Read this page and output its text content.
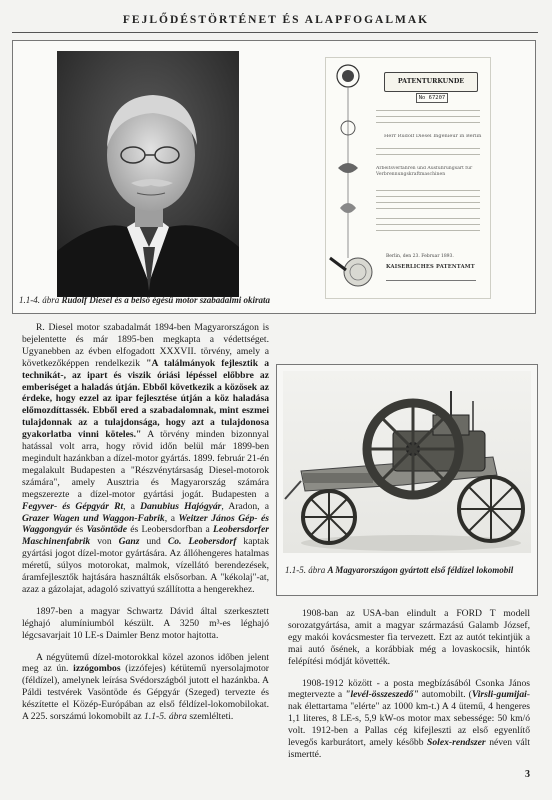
FEJLŐDÉSTÖRTÉNET ÉS ALAPFOGALMAK
PATENTURKUNDE
No 67207
Herr Rudolf Diesel Ingenieur in Berlin
Arbeitsverfahren und Ausführungsart für Verbrennungskraftmaschinen
Berlin, den 23. Februar 1893.
KAISERLICHES PATENTAMT
1.1-4. ábra Rudolf Diesel és a belső égésű motor szabadalmi okirata

R. Diesel motor szabadalmát 1894-ben Magyarországon is bejelentette és már 1895-ben megkapta a védettséget. Ugyanebben az évben elfogadott XXXVII. törvény, amely a következőképpen rendelkezik "A találmányok fejlesztik a technikát-, az ipart és viszik óriási lépéssel előbbre az emberiséget a haladás útján. Ebből következik a közösek az érdeke, hogy ezzel az ipar fejlesztése útján a köz haladása előmozdíttassék. Ebből ered a szabadalomnak, mint eszmei tulajdonnak az a tulajdonsága, hogy azt a tulajdonosa gyakorlatba vinni köteles." A törvény minden bizonnyal hatással volt arra, hogy rövid időn belül már 1899-ben megindult hazánkban a dízel-motor gyártás. 1899. február 21-én megalakult Budapesten a "Részvénytársaság Diesel-motorok számára", amely Ausztria és Magyarország számára megszerezte a dízel-motor gyártási jogát. Budapesten a Fegyver- és Gépgyár Rt, a Danubius Hajógyár, Aradon, a Grazer Wagen und Waggon-Fabrik, a Weitzer János Gép- és Waggongyár és Vasöntöde és Leobersdorfban a Leobersdorfer Maschinenfabrik von Ganz und Co. Leobersdorf kaptak gyártási jogot dízel-motor gyártására. Az állóhengeres hatalmas méretű, súlyos motorokat, malmok, vízellátó berendezések, áramfejlesztők hajtására használták elsősorban. A "kékolaj"-at, azaz a gázolajat, adagoló szivattyú szállította a hengerekhez.

1897-ben a magyar Schwartz Dávid által szerkesztett léghajó alumíniumból készült. A 3250 m³-es léghajó légcsavarjait 10 LE-s Daimler Benz motor hajtotta.

A négyütemű dízel-motorokkal közel azonos időben jelent meg az ún. izzógombos (izzófejes) kétütemű nyersolajmotor (féldízel), amelynek leírása Svédországból jutott el hazánkba. A Páldi testvérek Vasöntöde és Gépgyár (Szeged) tervezte és készítette el Közép-Európában az első féldízel-lokomobilokat. A 225. sorszámú lokomobilt az 1.1-5. ábra szemlélteti.

1.1-5. ábra A Magyarországon gyártott első féldízel lokomobil

1908-ban az USA-ban elindult a FORD T modell sorozatgyártása, amit a magyar származású Galamb József, egy makói kovácsmester fia tervezett. Ezt az autót tekintjük a mai autó ősének, a korábbiak még a lovaskocsik, hintók felépítési módját követték.

1908-1912 között - a posta megbízásából Csonka János megtervezte a "levél-összeszedő" automobilt. (Virsli-gumijai-nak élettartama "elérte" az 1000 km-t.) A 4 ütemű, 4 hengeres 1,1 literes, 8 LE-s, 5,9 kW-os motor max sebessége: 50 km/ó volt. 1912-ben a Pallas cég kifejleszti az első egyenlítő levegős karburátort, amely később Solex-rendszer néven vált ismertté.

3
